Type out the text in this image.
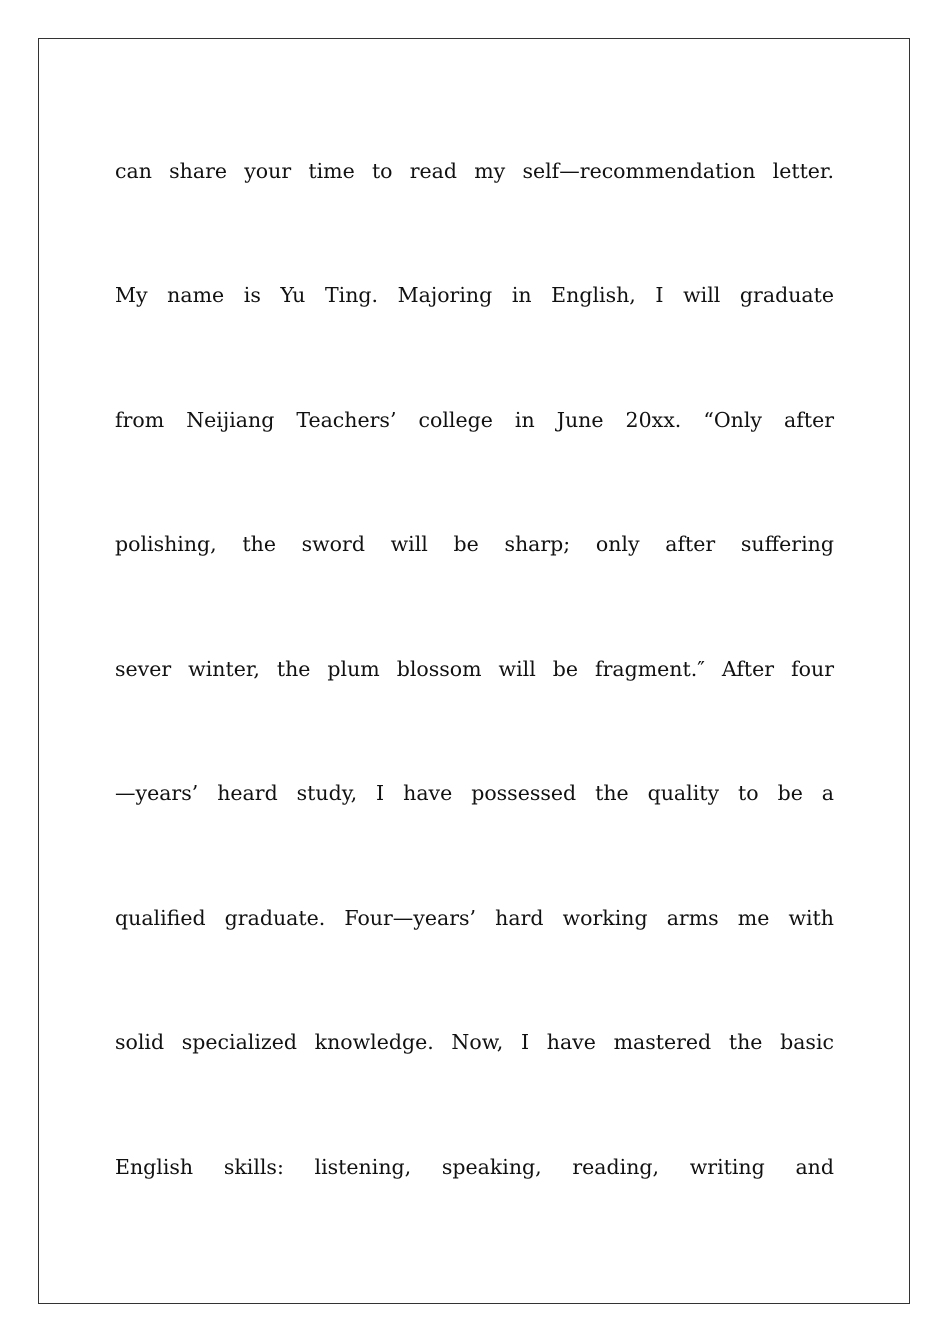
can share your time to read my self—recommendation letter.

My name is Yu Ting. Majoring in English, I will graduate

from Neijiang Teachers’ college in June 20xx. “Only after

polishing, the sword will be sharp; only after suffering

sever winter, the plum blossom will be fragment.″ After four

—years’ heard study, I have possessed the quality to be a

qualified graduate. Four—years’ hard working arms me with

solid specialized knowledge. Now, I have mastered the basic

English skills: listening, speaking, reading, writing and
